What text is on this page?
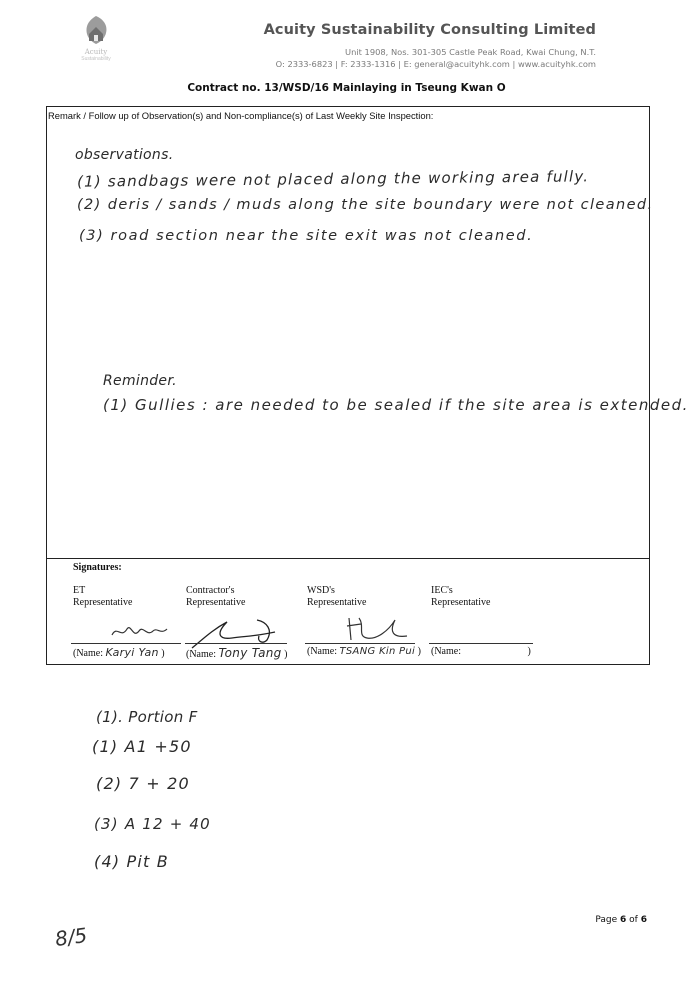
Acuity
Sustainability
Acuity Sustainability Consulting Limited
Unit 1908, Nos. 301-305 Castle Peak Road, Kwai Chung, N.T.
O: 2333-6823 | F: 2333-1316 | E: general@acuityhk.com | www.acuityhk.com
Contract no. 13/WSD/16 Mainlaying in Tseung Kwan O
Remark / Follow up of Observation(s) and Non-compliance(s) of Last Weekly Site Inspection:
observations.
(1) sandbags were not placed along the working area fully.
(2) deris / sands / muds along the site boundary were not cleaned.
(3) road section near the site exit was not cleaned.
Reminder.
(1) Gullies : are needed to be sealed if the site area is extended.
Signatures:
ET
Representative
(Name: Karyi Yan )
Contractor's
Representative
(Name: Tony Tang )
WSD's
Representative
(Name: TSANG Kin Pui )
IEC's
Representative
(Name:	)
(1). Portion F
(1) A1 +50
(2) 7 + 20
(3) A 12 + 40
(4) Pit B
Page 6 of 6
8/5
